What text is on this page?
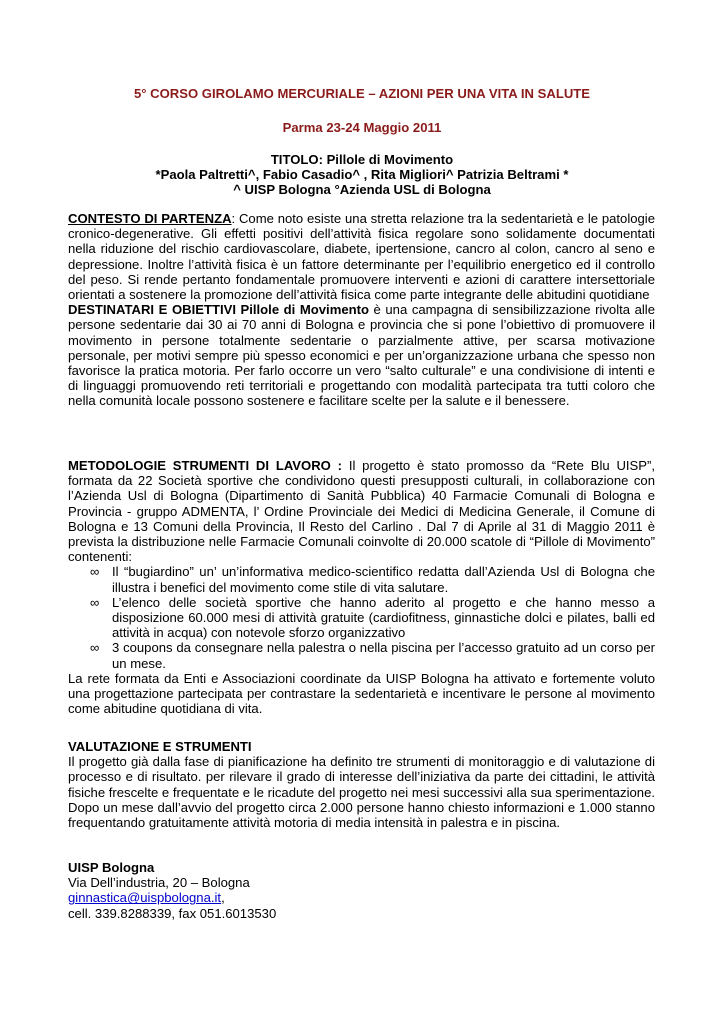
5° CORSO GIROLAMO MERCURIALE – AZIONI PER UNA VITA IN SALUTE
Parma 23-24 Maggio 2011
TITOLO: Pillole di Movimento
*Paola Paltretti^, Fabio Casadio^ , Rita Migliori^ Patrizia Beltrami *
^ UISP Bologna °Azienda USL di Bologna

CONTESTO DI PARTENZA: Come noto esiste una stretta relazione tra la sedentarietà e le patologie cronico-degenerative. Gli effetti positivi dell’attività fisica regolare sono solidamente documentati nella riduzione del rischio cardiovascolare, diabete, ipertensione, cancro al colon, cancro al seno e depressione. Inoltre l’attività fisica è un fattore determinante per l’equilibrio energetico ed il controllo del peso. Si rende pertanto fondamentale promuovere interventi e azioni di carattere intersettoriale orientati a sostenere la promozione dell’attività fisica come parte integrante delle abitudini quotidiane

DESTINATARI E OBIETTIVI Pillole di Movimento è una campagna di sensibilizzazione rivolta alle persone sedentarie dai 30 ai 70 anni di Bologna e provincia che si pone l’obiettivo di promuovere il movimento in persone totalmente sedentarie o parzialmente attive, per scarsa motivazione personale, per motivi sempre più spesso economici e per un’organizzazione urbana che spesso non favorisce la pratica motoria. Per farlo occorre un vero “salto culturale” e una condivisione di intenti e di linguaggi promuovendo reti territoriali e progettando con modalità partecipata tra tutti coloro che nella comunità locale possono sostenere e facilitare scelte per la salute e il benessere.

METODOLOGIE STRUMENTI DI LAVORO : Il progetto è stato promosso da “Rete Blu UISP”, formata da 22 Società sportive che condividono questi presupposti culturali, in collaborazione con l’Azienda Usl di Bologna (Dipartimento di Sanità Pubblica) 40 Farmacie Comunali di Bologna e Provincia - gruppo ADMENTA, l’ Ordine Provinciale dei Medici di Medicina Generale, il Comune di Bologna e 13 Comuni della Provincia, Il Resto del Carlino . Dal 7 di Aprile al 31 di Maggio 2011 è prevista la distribuzione nelle Farmacie Comunali coinvolte di 20.000 scatole di “Pillole di Movimento” contenenti:

∞ Il “bugiardino” un’ un’informativa medico-scientifico redatta dall’Azienda Usl di Bologna che illustra i benefici del movimento come stile di vita salutare.
∞ L’elenco delle società sportive che hanno aderito al progetto e che hanno messo a disposizione 60.000 mesi di attività gratuite (cardiofitness, ginnastiche dolci e pilates, balli ed attività in acqua) con notevole sforzo organizzativo
∞ 3 coupons da consegnare nella palestra o nella piscina per l’accesso gratuito ad un corso per un mese.

La rete formata da Enti e Associazioni coordinate da UISP Bologna ha attivato e fortemente voluto una progettazione partecipata per contrastare la sedentarietà e incentivare le persone al movimento come abitudine quotidiana di vita.

VALUTAZIONE E STRUMENTI

Il progetto già dalla fase di pianificazione ha definito tre strumenti di monitoraggio e di valutazione di processo e di risultato. per rilevare il grado di interesse dell’iniziativa da parte dei cittadini, le attività fisiche frescelte e frequentate e le ricadute del progetto nei mesi successivi alla sua sperimentazione. Dopo un mese dall’avvio del progetto circa 2.000 persone hanno chiesto informazioni e 1.000 stanno frequentando gratuitamente attività motoria di media intensità in palestra e in piscina.

UISP Bologna
Via Dell’industria, 20 – Bologna
ginnastica@uispbologna.it,
cell. 339.8288339, fax 051.6013530
